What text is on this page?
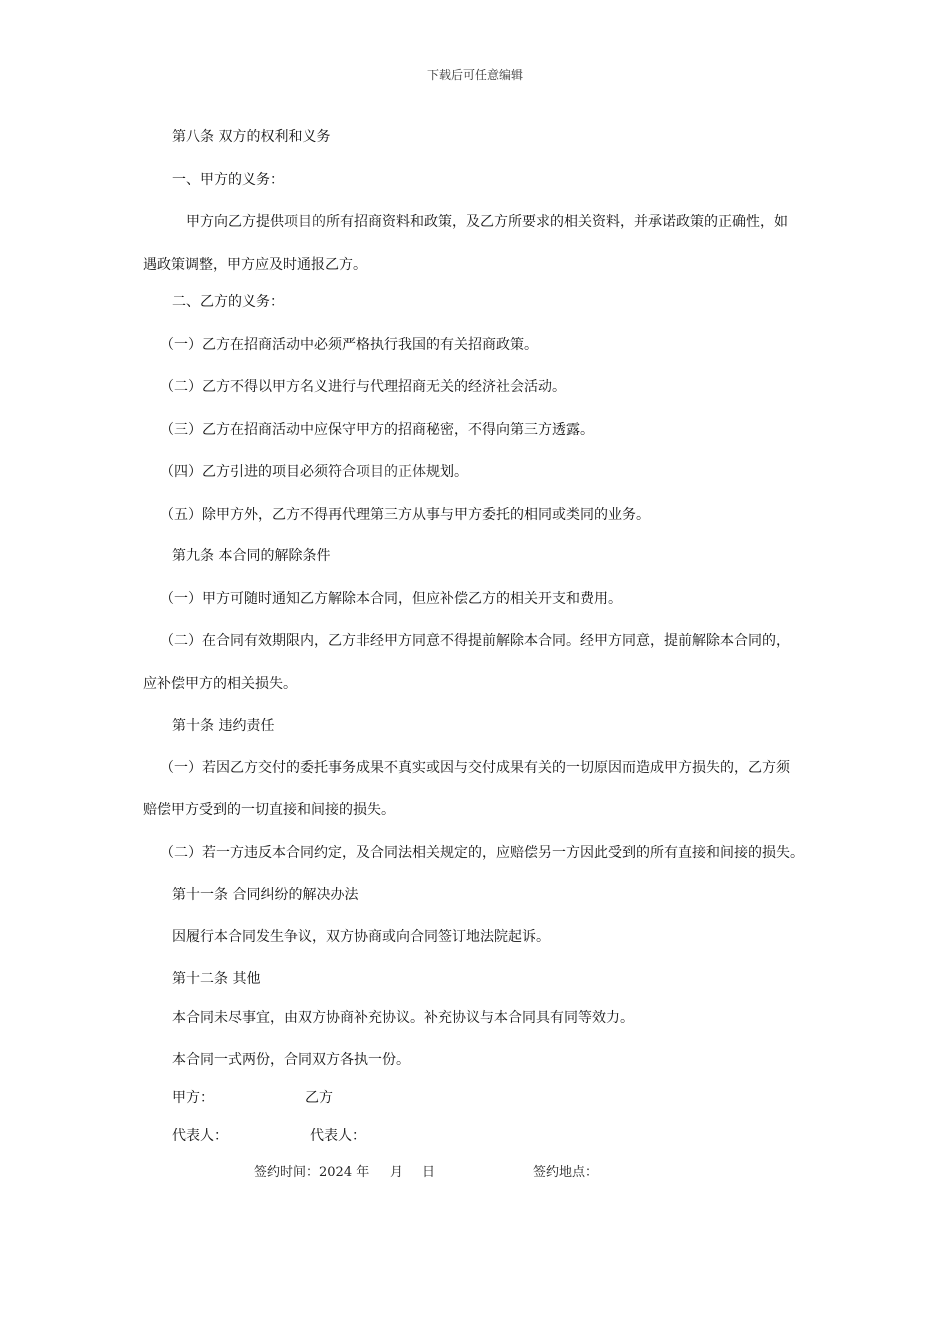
下载后可任意编辑
第八条 双方的权利和义务
一、甲方的义务：
甲方向乙方提供项目的所有招商资料和政策，及乙方所要求的相关资料，并承诺政策的正确性，如
遇政策调整，甲方应及时通报乙方。
二、乙方的义务：
（一）乙方在招商活动中必须严格执行我国的有关招商政策。
（二）乙方不得以甲方名义进行与代理招商无关的经济社会活动。
（三）乙方在招商活动中应保守甲方的招商秘密，不得向第三方透露。
（四）乙方引进的项目必须符合项目的正体规划。
（五）除甲方外，乙方不得再代理第三方从事与甲方委托的相同或类同的业务。
第九条 本合同的解除条件
（一）甲方可随时通知乙方解除本合同，但应补偿乙方的相关开支和费用。
（二）在合同有效期限内，乙方非经甲方同意不得提前解除本合同。经甲方同意，提前解除本合同的，
应补偿甲方的相关损失。
第十条 违约责任
（一）若因乙方交付的委托事务成果不真实或因与交付成果有关的一切原因而造成甲方损失的，乙方须
赔偿甲方受到的一切直接和间接的损失。
（二）若一方违反本合同约定，及合同法相关规定的，应赔偿另一方因此受到的所有直接和间接的损失。
第十一条 合同纠纷的解决办法
因履行本合同发生争议，双方协商或向合同签订地法院起诉。
第十二条 其他
本合同未尽事宜，由双方协商补充协议。补充协议与本合同具有同等效力。
本合同一式两份，合同双方各执一份。
甲方：	乙方
代表人：	代表人：
签约时间：2024 年 月 日	签约地点：
